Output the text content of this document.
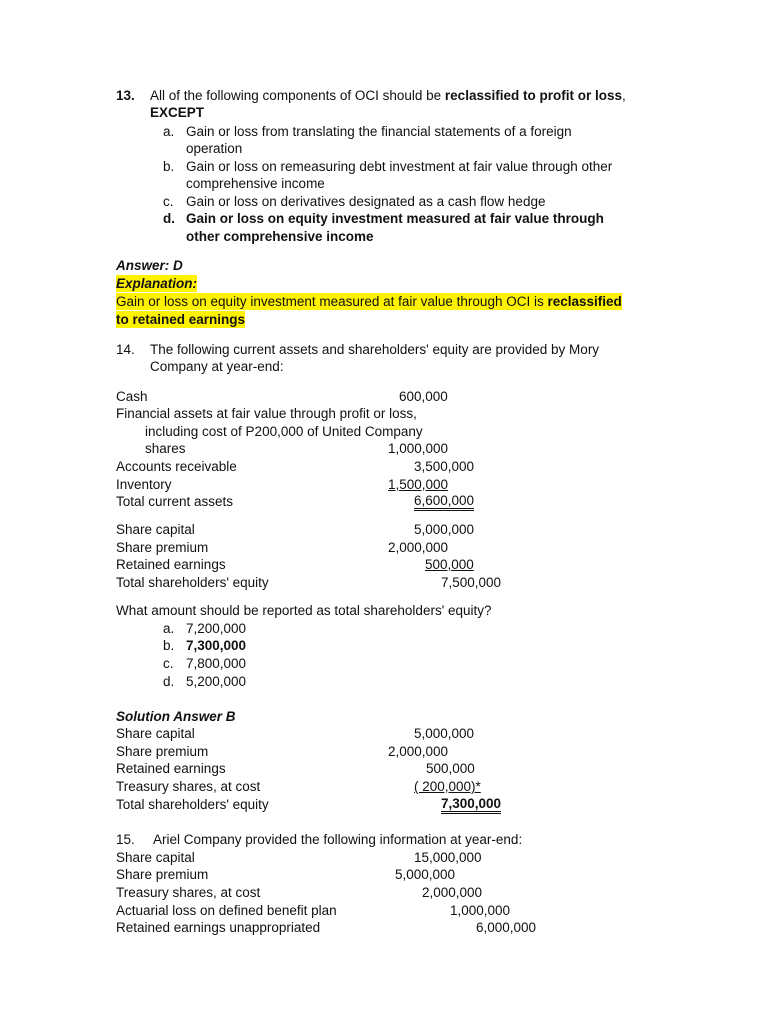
13. All of the following components of OCI should be reclassified to profit or loss,
EXCEPT
a. Gain or loss from translating the financial statements of a foreign
operation
b. Gain or loss on remeasuring debt investment at fair value through other
comprehensive income
c. Gain or loss on derivatives designated as a cash flow hedge
d. Gain or loss on equity investment measured at fair value through
other comprehensive income
Answer: D
Explanation:
Gain or loss on equity investment measured at fair value through OCI is reclassified
to retained earnings
14. The following current assets and shareholders' equity are provided by Mory
Company at year-end:
Cash	600,000
Financial assets at fair value through profit or loss,
including cost of P200,000 of United Company
shares	1,000,000
Accounts receivable	3,500,000
Inventory	1,500,000
Total current assets	6,600,000
Share capital	5,000,000
Share premium	2,000,000
Retained earnings	500,000
Total shareholders' equity	7,500,000
What amount should be reported as total shareholders' equity?
a. 7,200,000
b. 7,300,000
c. 7,800,000
d. 5,200,000
Solution Answer B
Share capital	5,000,000
Share premium	2,000,000
Retained earnings	500,000
Treasury shares, at cost	( 200,000)*
Total shareholders' equity	7,300,000
15. Ariel Company provided the following information at year-end:
Share capital	15,000,000
Share premium	5,000,000
Treasury shares, at cost	2,000,000
Actuarial loss on defined benefit plan	1,000,000
Retained earnings unappropriated	6,000,000
